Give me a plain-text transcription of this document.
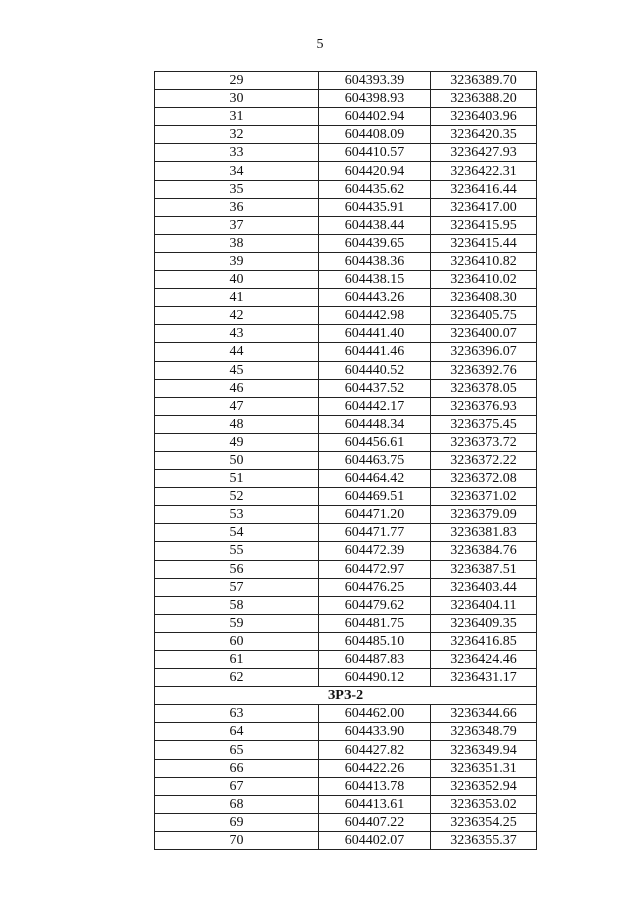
5
29	604393.39	3236389.70
30	604398.93	3236388.20
31	604402.94	3236403.96
32	604408.09	3236420.35
33	604410.57	3236427.93
34	604420.94	3236422.31
35	604435.62	3236416.44
36	604435.91	3236417.00
37	604438.44	3236415.95
38	604439.65	3236415.44
39	604438.36	3236410.82
40	604438.15	3236410.02
41	604443.26	3236408.30
42	604442.98	3236405.75
43	604441.40	3236400.07
44	604441.46	3236396.07
45	604440.52	3236392.76
46	604437.52	3236378.05
47	604442.17	3236376.93
48	604448.34	3236375.45
49	604456.61	3236373.72
50	604463.75	3236372.22
51	604464.42	3236372.08
52	604469.51	3236371.02
53	604471.20	3236379.09
54	604471.77	3236381.83
55	604472.39	3236384.76
56	604472.97	3236387.51
57	604476.25	3236403.44
58	604479.62	3236404.11
59	604481.75	3236409.35
60	604485.10	3236416.85
61	604487.83	3236424.46
62	604490.12	3236431.17
ЗРЗ-2		
63	604462.00	3236344.66
64	604433.90	3236348.79
65	604427.82	3236349.94
66	604422.26	3236351.31
67	604413.78	3236352.94
68	604413.61	3236353.02
69	604407.22	3236354.25
70	604402.07	3236355.37
